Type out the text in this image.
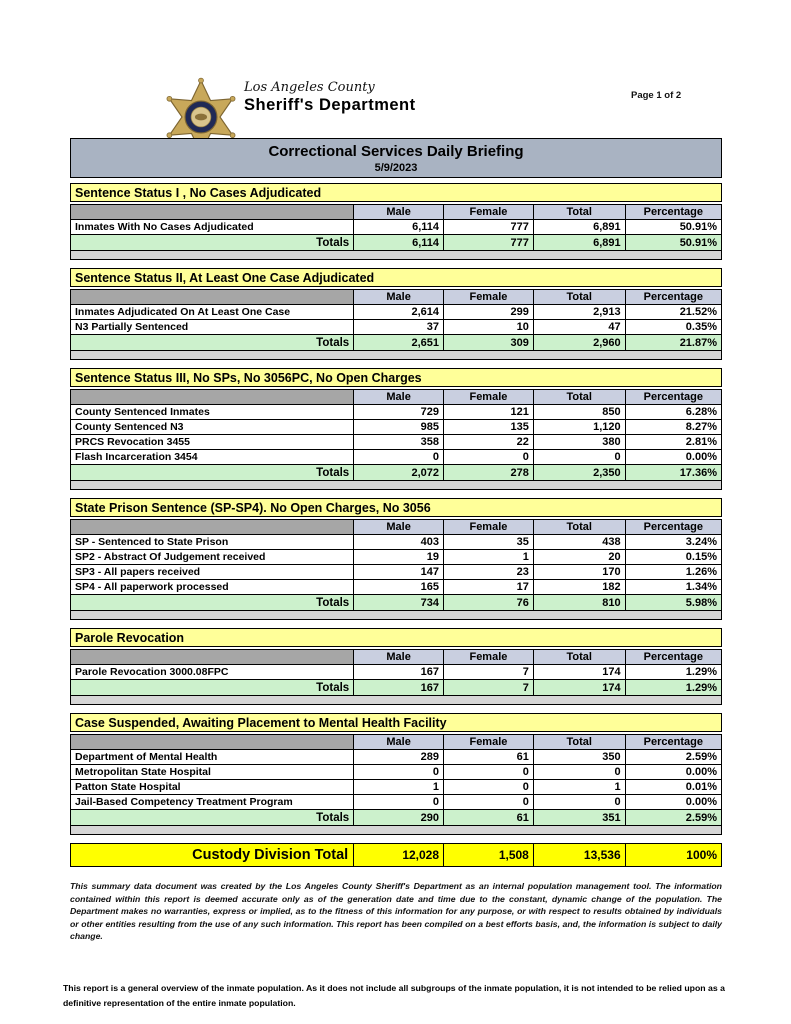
Los Angeles County
Sheriff's Department
Page 1 of 2
Correctional Services Daily Briefing
5/9/2023
Sentence Status I , No Cases Adjudicated
	Male	Female	Total	Percentage
Inmates With No Cases Adjudicated	6,114	777	6,891	50.91%
Totals	6,114	777	6,891	50.91%
Sentence Status II, At Least One Case Adjudicated
	Male	Female	Total	Percentage
Inmates Adjudicated On At Least One Case	2,614	299	2,913	21.52%
N3 Partially Sentenced	37	10	47	0.35%
Totals	2,651	309	2,960	21.87%
Sentence Status III, No SPs, No 3056PC, No Open Charges
	Male	Female	Total	Percentage
County Sentenced Inmates	729	121	850	6.28%
County Sentenced N3	985	135	1,120	8.27%
PRCS Revocation 3455	358	22	380	2.81%
Flash Incarceration 3454	0	0	0	0.00%
Totals	2,072	278	2,350	17.36%
State Prison Sentence (SP-SP4). No Open Charges, No 3056
	Male	Female	Total	Percentage
SP - Sentenced to State Prison	403	35	438	3.24%
SP2 - Abstract Of Judgement received	19	1	20	0.15%
SP3 - All papers received	147	23	170	1.26%
SP4 - All paperwork processed	165	17	182	1.34%
Totals	734	76	810	5.98%
Parole Revocation
	Male	Female	Total	Percentage
Parole Revocation 3000.08FPC	167	7	174	1.29%
Totals	167	7	174	1.29%
Case Suspended, Awaiting Placement to Mental Health Facility
	Male	Female	Total	Percentage
Department of Mental Health	289	61	350	2.59%
Metropolitan State Hospital	0	0	0	0.00%
Patton State Hospital	1	0	1	0.01%
Jail-Based Competency Treatment Program	0	0	0	0.00%
Totals	290	61	351	2.59%
Custody Division Total	12,028	1,508	13,536	100%

This summary data document was created by the Los Angeles County Sheriff's Department as an internal population management tool. The information contained within this report is deemed accurate only as of the generation date and time due to the constant, dynamic change of the population. The Department makes no warranties, express or implied, as to the fitness of this information for any purpose, or with respect to results obtained by individuals or other entities resulting from the use of any such information. This report has been compiled on a best efforts basis, and, the information is subject to daily change.

This report is a general overview of the inmate population. As it does not include all subgroups of the inmate population, it is not intended to be relied upon as a definitive representation of the entire inmate population.
